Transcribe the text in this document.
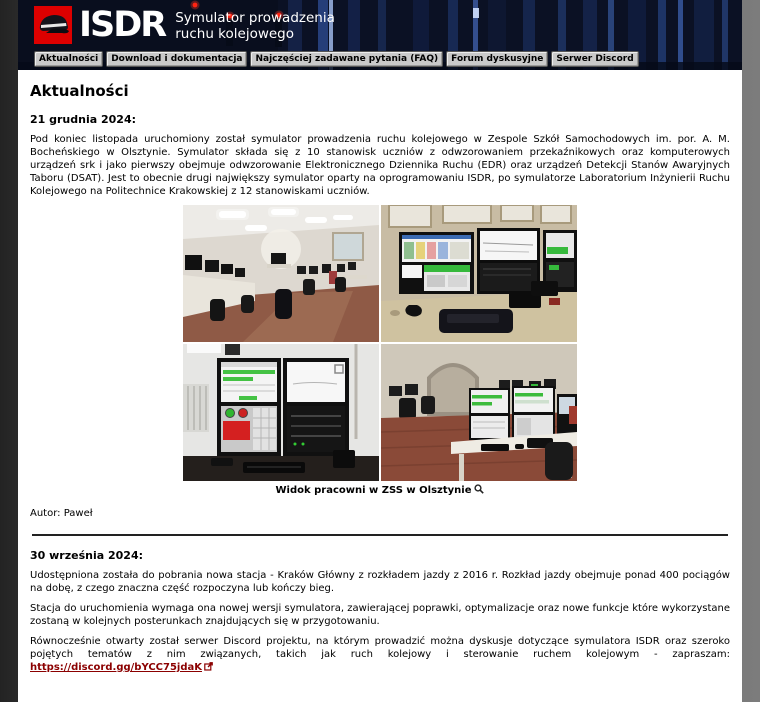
ISDR Symulator prowadzenia
ruchu kolejowego
Aktualności	Download i dokumentacja	Najczęściej zadawane pytania (FAQ)	Forum dyskusyjne	Serwer Discord
Aktualności
21 grudnia 2024:

Pod koniec listopada uruchomiony został symulator prowadzenia ruchu kolejowego w Zespole Szkół Samochodowych im. por. A. M. Bocheńskiego w Olsztynie. Symulator składa się z 10 stanowisk uczniów z odwzorowaniem przekaźnikowych oraz komputerowych urządzeń srk i jako pierwszy obejmuje odwzorowanie Elektronicznego Dziennika Ruchu (EDR) oraz urządzeń Detekcji Stanów Awaryjnych Taboru (DSAT). Jest to obecnie drugi największy symulator oparty na oprogramowaniu ISDR, po symulatorze Laboratorium Inżynierii Ruchu Kolejowego na Politechnice Krakowskiej z 12 stanowiskami uczniów.

Widok pracowni w ZSS w Olsztynie

Autor: Paweł

30 września 2024:

Udostępniona została do pobrania nowa stacja - Kraków Główny z rozkładem jazdy z 2016 r. Rozkład jazdy obejmuje ponad 400 pociągów na dobę, z czego znaczna część rozpoczyna lub kończy bieg.

Stacja do uruchomienia wymaga ona nowej wersji symulatora, zawierającej poprawki, optymalizacje oraz nowe funkcje które wykorzystane zostaną w kolejnych posterunkach znajdujących się w przygotowaniu.

Równocześnie otwarty został serwer Discord projektu, na którym prowadzić można dyskusje dotyczące symulatora ISDR oraz szeroko pojętych tematów z nim związanych, takich jak ruch kolejowy i sterowanie ruchem kolejowym - zapraszam: https://discord.gg/bYCC75jdaK
